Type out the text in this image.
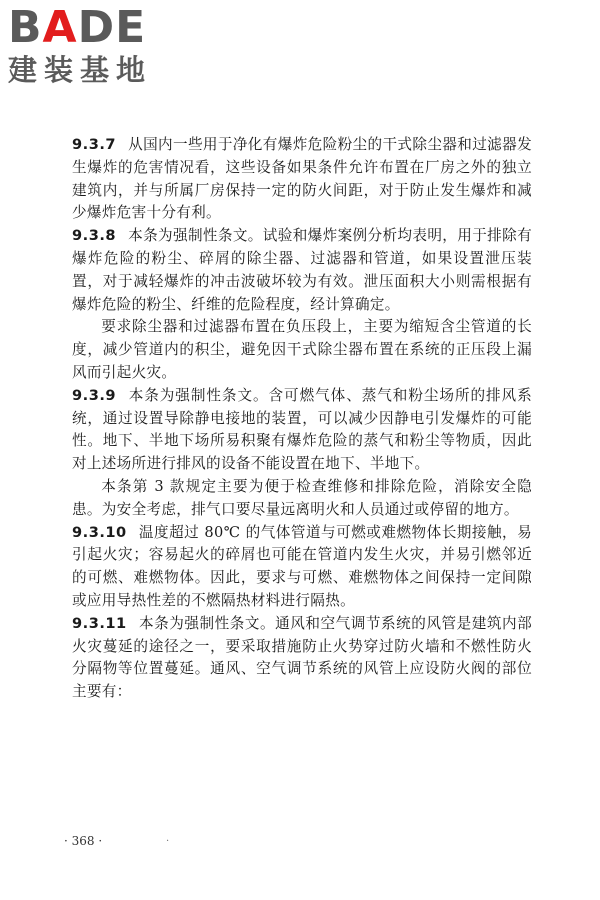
BADE
建装基地

9.3.7 从国内一些用于净化有爆炸危险粉尘的干式除尘器和过滤器发生爆炸的危害情况看，这些设备如果条件允许布置在厂房之外的独立建筑内，并与所属厂房保持一定的防火间距，对于防止发生爆炸和减少爆炸危害十分有利。

9.3.8 本条为强制性条文。试验和爆炸案例分析均表明，用于排除有爆炸危险的粉尘、碎屑的除尘器、过滤器和管道，如果设置泄压装置，对于减轻爆炸的冲击波破坏较为有效。泄压面积大小则需根据有爆炸危险的粉尘、纤维的危险程度，经计算确定。

要求除尘器和过滤器布置在负压段上，主要为缩短含尘管道的长度，减少管道内的积尘，避免因干式除尘器布置在系统的正压段上漏风而引起火灾。

9.3.9 本条为强制性条文。含可燃气体、蒸气和粉尘场所的排风系统，通过设置导除静电接地的装置，可以减少因静电引发爆炸的可能性。地下、半地下场所易积聚有爆炸危险的蒸气和粉尘等物质，因此对上述场所进行排风的设备不能设置在地下、半地下。

本条第 3 款规定主要为便于检查维修和排除危险，消除安全隐患。为安全考虑，排气口要尽量远离明火和人员通过或停留的地方。

9.3.10 温度超过 80℃ 的气体管道与可燃或难燃物体长期接触，易引起火灾；容易起火的碎屑也可能在管道内发生火灾，并易引燃邻近的可燃、难燃物体。因此，要求与可燃、难燃物体之间保持一定间隙或应用导热性差的不燃隔热材料进行隔热。

9.3.11 本条为强制性条文。通风和空气调节系统的风管是建筑内部火灾蔓延的途径之一，要采取措施防止火势穿过防火墙和不燃性防火分隔物等位置蔓延。通风、空气调节系统的风管上应设防火阀的部位主要有：

· 368 ·	·
